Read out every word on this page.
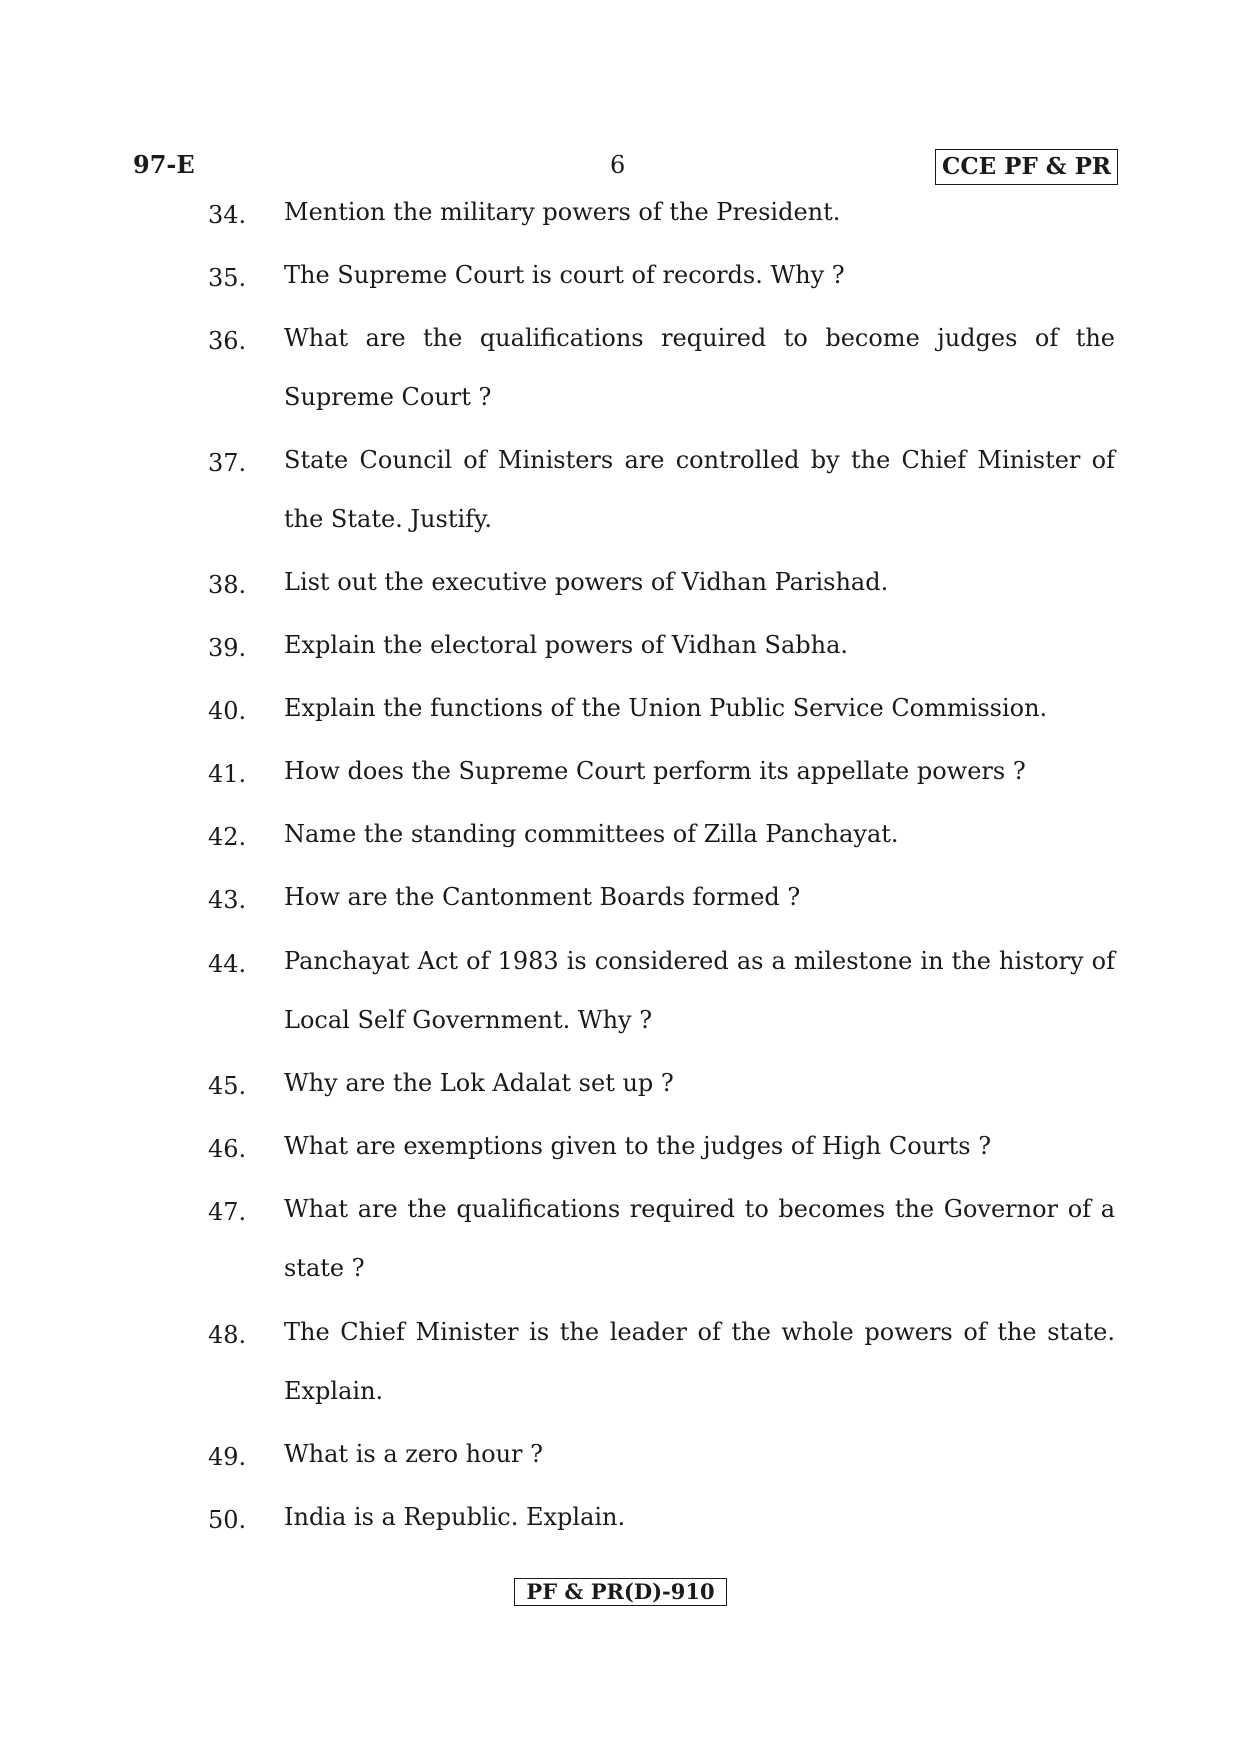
97-E	6	CCE PF & PR
34. Mention the military powers of the President.
35. The Supreme Court is court of records. Why ?
36. What are the qualifications required to become judges of the Supreme Court ?
37. State Council of Ministers are controlled by the Chief Minister of the State. Justify.
38. List out the executive powers of Vidhan Parishad.
39. Explain the electoral powers of Vidhan Sabha.
40. Explain the functions of the Union Public Service Commission.
41. How does the Supreme Court perform its appellate powers ?
42. Name the standing committees of Zilla Panchayat.
43. How are the Cantonment Boards formed ?
44. Panchayat Act of 1983 is considered as a milestone in the history of Local Self Government. Why ?
45. Why are the Lok Adalat set up ?
46. What are exemptions given to the judges of High Courts ?
47. What are the qualifications required to becomes the Governor of a state ?
48. The Chief Minister is the leader of the whole powers of the state. Explain.
49. What is a zero hour ?
50. India is a Republic. Explain.
PF & PR(D)-910
